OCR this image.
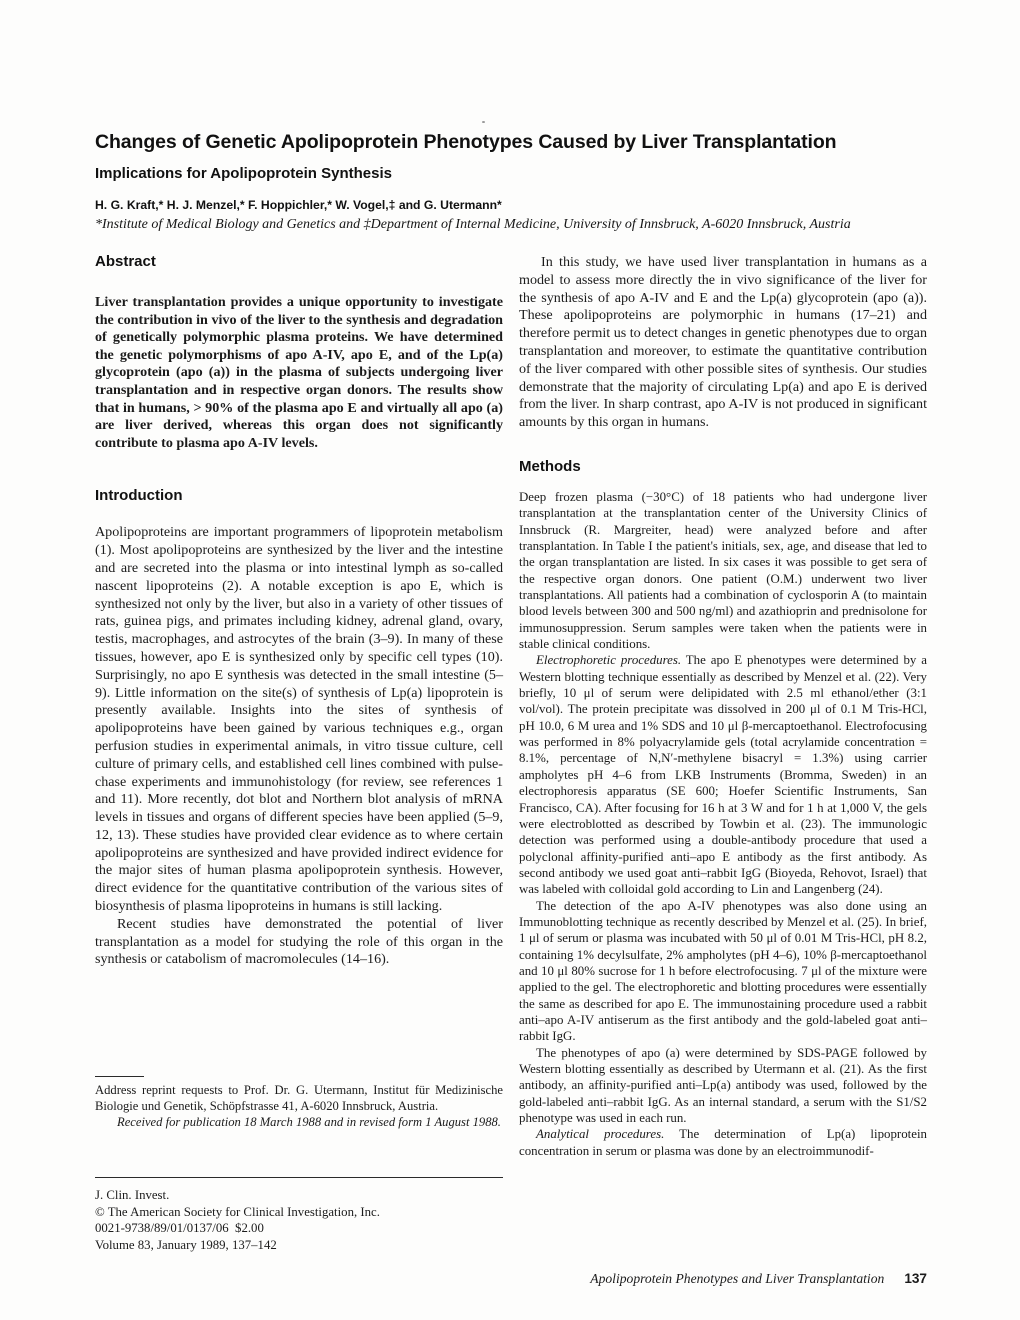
Changes of Genetic Apolipoprotein Phenotypes Caused by Liver Transplantation
Implications for Apolipoprotein Synthesis
H. G. Kraft,* H. J. Menzel,* F. Hoppichler,* W. Vogel,‡ and G. Utermann*
*Institute of Medical Biology and Genetics and ‡Department of Internal Medicine, University of Innsbruck, A-6020 Innsbruck, Austria
Abstract

Liver transplantation provides a unique opportunity to investigate the contribution in vivo of the liver to the synthesis and degradation of genetically polymorphic plasma proteins. We have determined the genetic polymorphisms of apo A-IV, apo E, and of the Lp(a) glycoprotein (apo (a)) in the plasma of subjects undergoing liver transplantation and in respective organ donors. The results show that in humans, > 90% of the plasma apo E and virtually all apo (a) are liver derived, whereas this organ does not significantly contribute to plasma apo A-IV levels.

Introduction

Apolipoproteins are important programmers of lipoprotein metabolism (1). Most apolipoproteins are synthesized by the liver and the intestine and are secreted into the plasma or into intestinal lymph as so-called nascent lipoproteins (2). A notable exception is apo E, which is synthesized not only by the liver, but also in a variety of other tissues of rats, guinea pigs, and primates including kidney, adrenal gland, ovary, testis, macrophages, and astrocytes of the brain (3–9). In many of these tissues, however, apo E is synthesized only by specific cell types (10). Surprisingly, no apo E synthesis was detected in the small intestine (5–9). Little information on the site(s) of synthesis of Lp(a) lipoprotein is presently available. Insights into the sites of synthesis of apolipoproteins have been gained by various techniques e.g., organ perfusion studies in experimental animals, in vitro tissue culture, cell culture of primary cells, and established cell lines combined with pulse-chase experiments and immunohistology (for review, see references 1 and 11). More recently, dot blot and Northern blot analysis of mRNA levels in tissues and organs of different species have been applied (5–9, 12, 13). These studies have provided clear evidence as to where certain apolipoproteins are synthesized and have provided indirect evidence for the major sites of human plasma apolipoprotein synthesis. However, direct evidence for the quantitative contribution of the various sites of biosynthesis of plasma lipoproteins in humans is still lacking.

Recent studies have demonstrated the potential of liver transplantation as a model for studying the role of this organ in the synthesis or catabolism of macromolecules (14–16).

In this study, we have used liver transplantation in humans as a model to assess more directly the in vivo significance of the liver for the synthesis of apo A-IV and E and the Lp(a) glycoprotein (apo (a)). These apolipoproteins are polymorphic in humans (17–21) and therefore permit us to detect changes in genetic phenotypes due to organ transplantation and moreover, to estimate the quantitative contribution of the liver compared with other possible sites of synthesis. Our studies demonstrate that the majority of circulating Lp(a) and apo E is derived from the liver. In sharp contrast, apo A-IV is not produced in significant amounts by this organ in humans.

Methods

Deep frozen plasma (−30°C) of 18 patients who had undergone liver transplantation at the transplantation center of the University Clinics of Innsbruck (R. Margreiter, head) were analyzed before and after transplantation. In Table I the patient's initials, sex, age, and disease that led to the organ transplantation are listed. In six cases it was possible to get sera of the respective organ donors. One patient (O.M.) underwent two liver transplantations. All patients had a combination of cyclosporin A (to maintain blood levels between 300 and 500 ng/ml) and azathioprin and prednisolone for immunosuppression. Serum samples were taken when the patients were in stable clinical conditions.

Electrophoretic procedures. The apo E phenotypes were determined by a Western blotting technique essentially as described by Menzel et al. (22). Very briefly, 10 μl of serum were delipidated with 2.5 ml ethanol/ether (3:1 vol/vol). The protein precipitate was dissolved in 200 μl of 0.1 M Tris-HCl, pH 10.0, 6 M urea and 1% SDS and 10 μl β-mercaptoethanol. Electrofocusing was performed in 8% polyacrylamide gels (total acrylamide concentration = 8.1%, percentage of N,N′-methylene bisacryl = 1.3%) using carrier ampholytes pH 4–6 from LKB Instruments (Bromma, Sweden) in an electrophoresis apparatus (SE 600; Hoefer Scientific Instruments, San Francisco, CA). After focusing for 16 h at 3 W and for 1 h at 1,000 V, the gels were electroblotted as described by Towbin et al. (23). The immunologic detection was performed using a double-antibody procedure that used a polyclonal affinity-purified anti–apo E antibody as the first antibody. As second antibody we used goat anti–rabbit IgG (Bioyeda, Rehovot, Israel) that was labeled with colloidal gold according to Lin and Langenberg (24).

The detection of the apo A-IV phenotypes was also done using an Immunoblotting technique as recently described by Menzel et al. (25). In brief, 1 μl of serum or plasma was incubated with 50 μl of 0.01 M Tris-HCl, pH 8.2, containing 1% decylsulfate, 2% ampholytes (pH 4–6), 10% β-mercaptoethanol and 10 μl 80% sucrose for 1 h before electrofocusing. 7 μl of the mixture were applied to the gel. The electrophoretic and blotting procedures were essentially the same as described for apo E. The immunostaining procedure used a rabbit anti–apo A-IV antiserum as the first antibody and the gold-labeled goat anti–rabbit IgG.

The phenotypes of apo (a) were determined by SDS-PAGE followed by Western blotting essentially as described by Utermann et al. (21). As the first antibody, an affinity-purified anti–Lp(a) antibody was used, followed by the gold-labeled anti–rabbit IgG. As an internal standard, a serum with the S1/S2 phenotype was used in each run.

Analytical procedures. The determination of Lp(a) lipoprotein concentration in serum or plasma was done by an electroimmunodif-

Address reprint requests to Prof. Dr. G. Utermann, Institut für Medizinische Biologie und Genetik, Schöpfstrasse 41, A-6020 Innsbruck, Austria.

Received for publication 18 March 1988 and in revised form 1 August 1988.

J. Clin. Invest.
© The American Society for Clinical Investigation, Inc.
0021-9738/89/01/0137/06 $2.00
Volume 83, January 1989, 137–142
Apolipoprotein Phenotypes and Liver Transplantation 137
